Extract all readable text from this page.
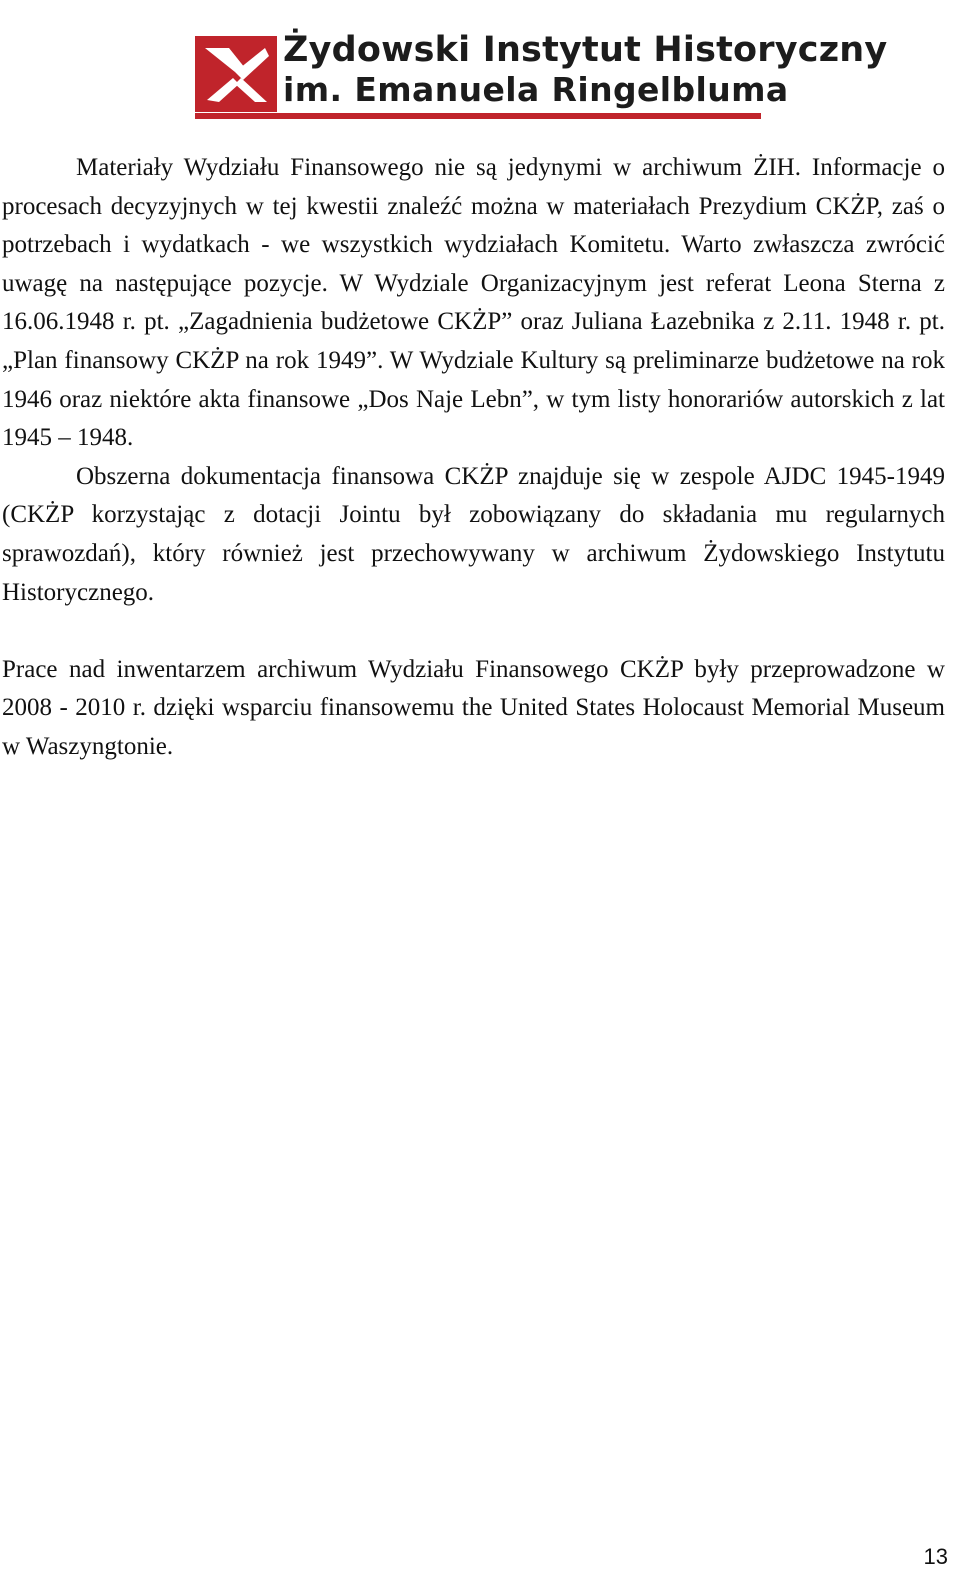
Żydowski Instytut Historyczny
im. Emanuela Ringelbluma

Materiały Wydziału Finansowego nie są jedynymi w archiwum ŻIH. Informacje o procesach decyzyjnych w tej kwestii znaleźć można w materiałach Prezydium CKŻP, zaś o potrzebach i wydatkach - we wszystkich wydziałach Komitetu. Warto zwłaszcza zwrócić uwagę na następujące pozycje. W Wydziale Organizacyjnym jest referat Leona Sterna z 16.06.1948 r. pt. „Zagadnienia budżetowe CKŻP” oraz Juliana Łazebnika z 2.11. 1948 r. pt. „Plan finansowy CKŻP na rok 1949”. W Wydziale Kultury są preliminarze budżetowe na rok 1946 oraz niektóre akta finansowe „Dos Naje Lebn”, w tym listy honorariów autorskich z lat 1945 – 1948.

Obszerna dokumentacja finansowa CKŻP znajduje się w zespole AJDC 1945-1949 (CKŻP korzystając z dotacji Jointu był zobowiązany do składania mu regularnych sprawozdań), który również jest przechowywany w archiwum Żydowskiego Instytutu Historycznego.

Prace nad inwentarzem archiwum Wydziału Finansowego CKŻP były przeprowadzone w 2008 - 2010 r. dzięki wsparciu finansowemu the United States Holocaust Memorial Museum w Waszyngtonie.

13
